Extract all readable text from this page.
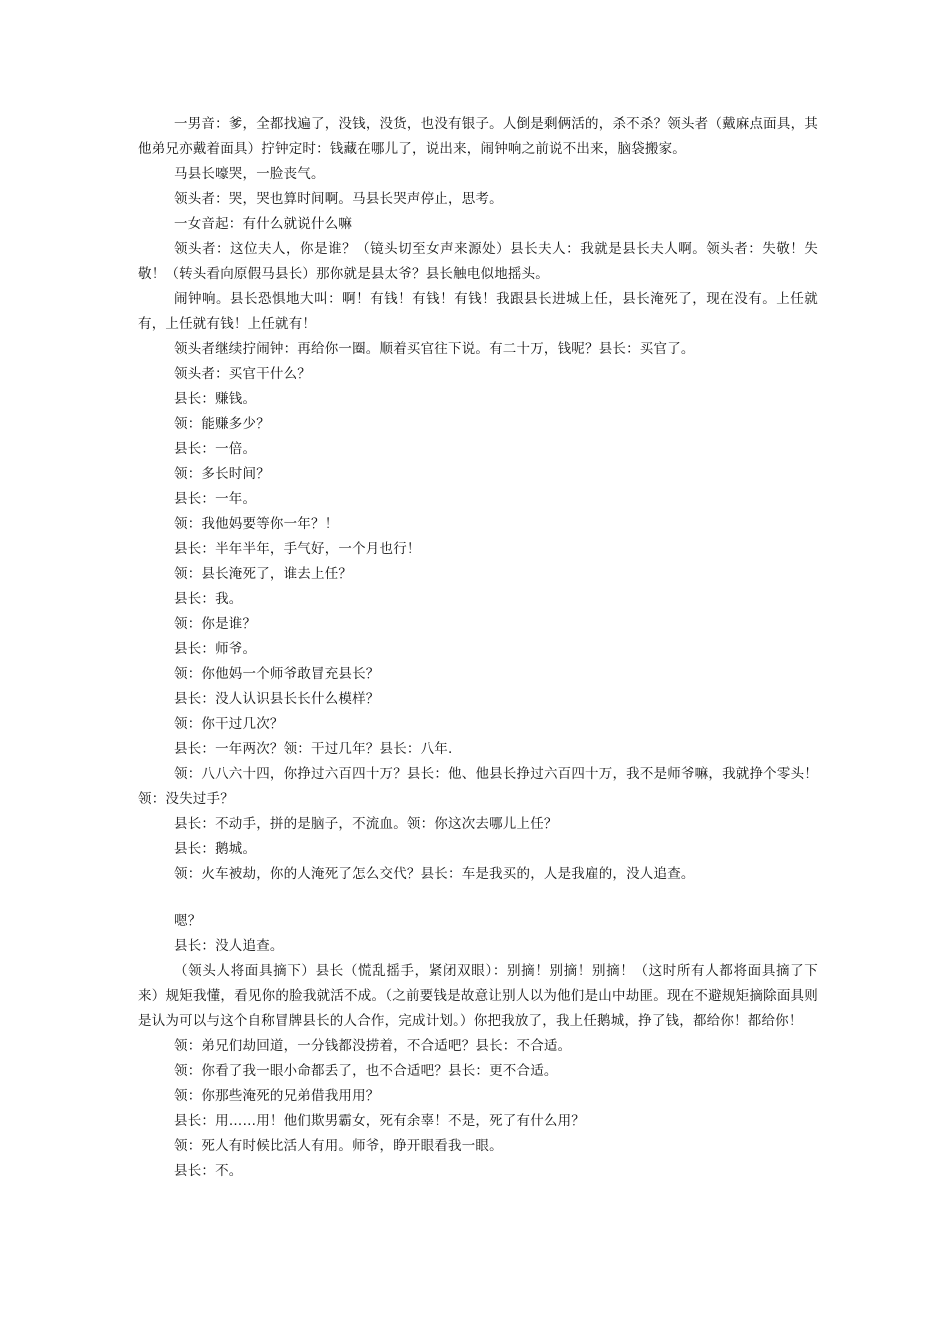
一男音：爹，全都找遍了，没钱，没货，也没有银子。人倒是剩俩活的，杀不杀？领头者（戴麻点面具，其他弟兄亦戴着面具）拧钟定时：钱藏在哪儿了，说出来，闹钟响之前说不出来，脑袋搬家。

马县长嚎哭，一脸丧气。

领头者：哭，哭也算时间啊。马县长哭声停止，思考。

一女音起：有什么就说什么嘛

领头者：这位夫人，你是谁？（镜头切至女声来源处）县长夫人：我就是县长夫人啊。领头者：失敬！失敬！（转头看向原假马县长）那你就是县太爷？县长触电似地摇头。

闹钟响。县长恐惧地大叫：啊！有钱！有钱！有钱！我跟县长进城上任，县长淹死了，现在没有。上任就有，上任就有钱！上任就有！

领头者继续拧闹钟：再给你一圈。顺着买官往下说。有二十万，钱呢？县长：买官了。

领头者：买官干什么？

县长：赚钱。

领：能赚多少？

县长：一倍。

领：多长时间？

县长：一年。

领：我他妈要等你一年？！

县长：半年半年，手气好，一个月也行！

领：县长淹死了，谁去上任？

县长：我。

领：你是谁？

县长：师爷。

领：你他妈一个师爷敢冒充县长？

县长：没人认识县长长什么模样？

领：你干过几次？

县长：一年两次？领：干过几年？县长：八年.

领：八八六十四，你挣过六百四十万？县长：他、他县长挣过六百四十万，我不是师爷嘛，我就挣个零头！领：没失过手？

县长：不动手，拼的是脑子，不流血。领：你这次去哪儿上任？

县长：鹅城。

领：火车被劫，你的人淹死了怎么交代？县长：车是我买的，人是我雇的，没人追查。

嗯？

县长：没人追查。

（领头人将面具摘下）县长（慌乱摇手，紧闭双眼）：别摘！别摘！别摘！（这时所有人都将面具摘了下来）规矩我懂，看见你的脸我就活不成。（之前要钱是故意让别人以为他们是山中劫匪。现在不避规矩摘除面具则是认为可以与这个自称冒牌县长的人合作，完成计划。）你把我放了，我上任鹅城，挣了钱，都给你！都给你！

领：弟兄们劫回道，一分钱都没捞着，不合适吧？县长：不合适。

领：你看了我一眼小命都丢了，也不合适吧？县长：更不合适。

领：你那些淹死的兄弟借我用用？

县长：用……用！他们欺男霸女，死有余辜！不是，死了有什么用？

领：死人有时候比活人有用。师爷，睁开眼看我一眼。

县长：不。
